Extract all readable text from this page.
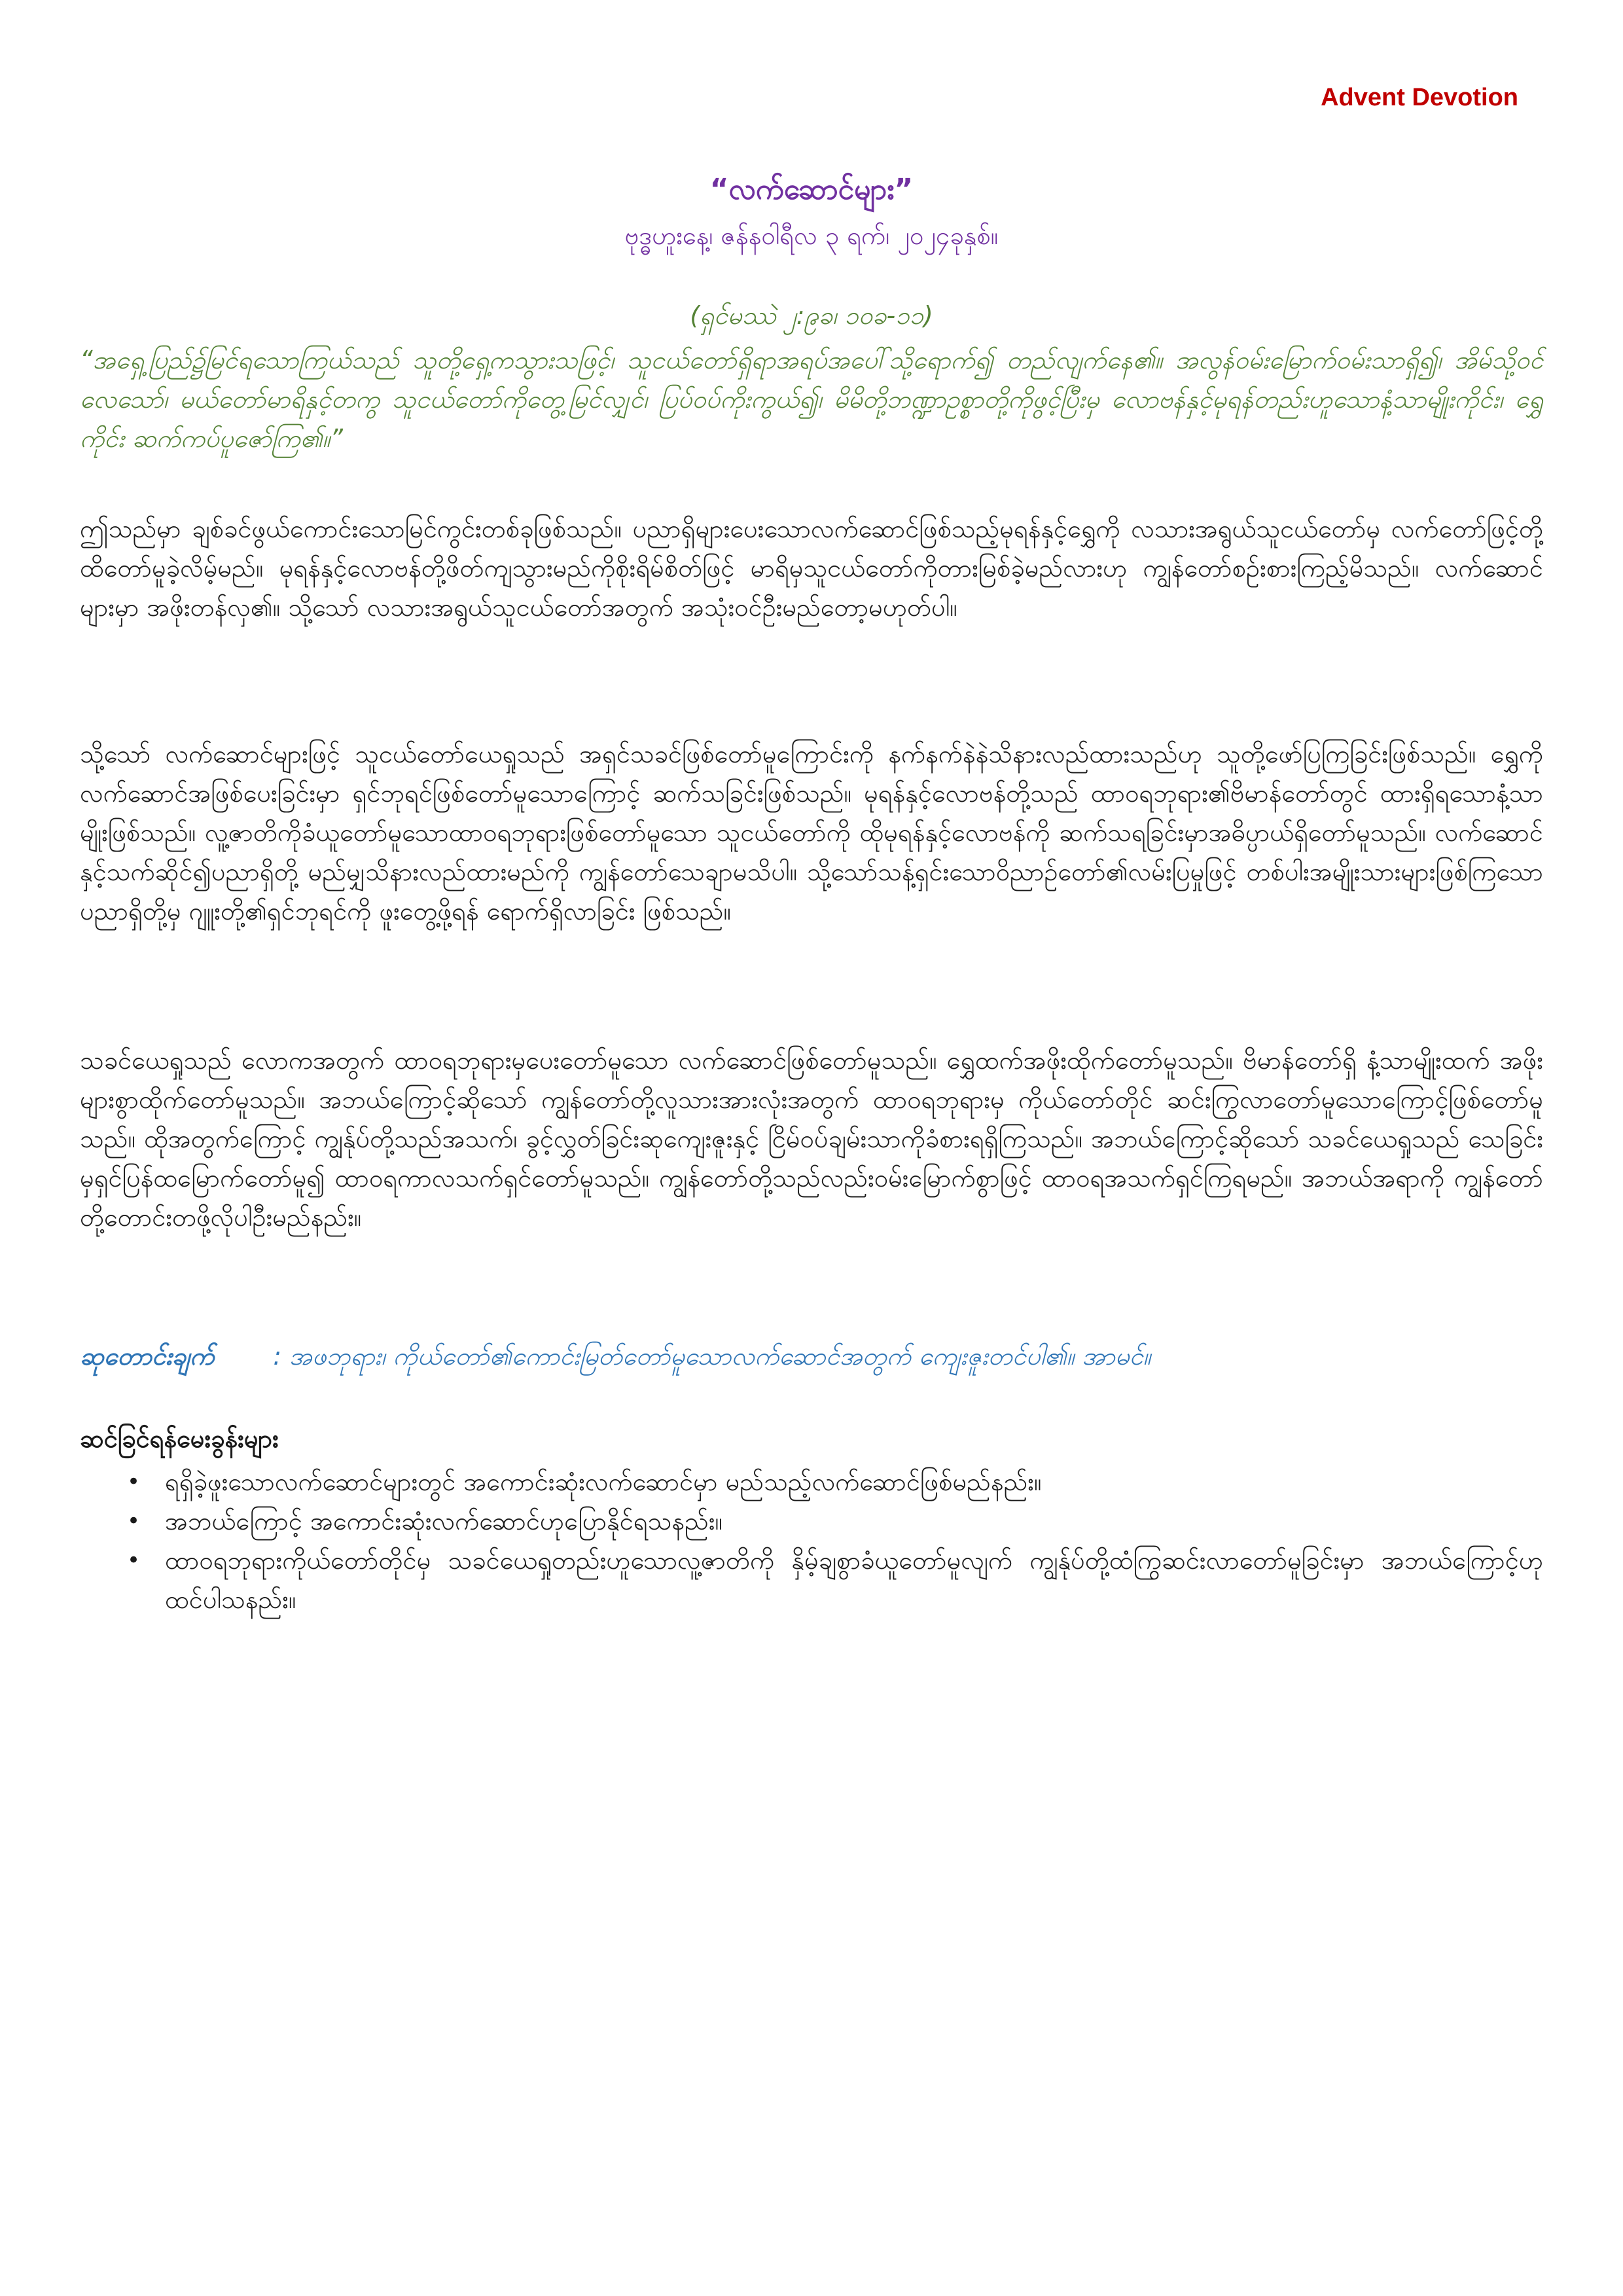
Advent Devotion
“လက်ဆောင်များ”
ဗုဒ္ဓဟူးနေ့၊ ဇန်နဝါရီလ ၃ ရက်၊ ၂၀၂၄ခုနှစ်။
(ရှင်မဿဲ ၂:၉ခ၊ ၁၀ခ-၁၁)
“အရှေ့ပြည်၌မြင်ရသောကြယ်သည် သူတို့ရှေ့ကသွားသဖြင့်၊ သူငယ်တော်ရှိရာအရပ်အပေါ်သို့ရောက်၍ တည်လျက်နေ၏။ အလွန်ဝမ်းမြောက်ဝမ်းသာရှိ၍၊ အိမ်သို့ဝင်လေသော်၊ မယ်တော်မာရိနှင့်တကွ သူငယ်တော်ကိုတွေ့မြင်လျှင်၊ ပြပ်ဝပ်ကိုးကွယ်၍၊ မိမိတို့ဘဏ္ဍာဥစ္စာတို့ကိုဖွင့်ပြီးမှ လောဗန်နှင့်မုရန်တည်းဟူသောနံ့သာမျိုးကိုင်း၊ ရွှေကိုင်း ဆက်ကပ်ပူဇော်ကြ၏။”
ဤသည်မှာ ချစ်ခင်ဖွယ်ကောင်းသောမြင်ကွင်းတစ်ခုဖြစ်သည်။ ပညာရှိများပေးသောလက်ဆောင်ဖြစ်သည့်မုရန်နှင့်ရွှေကို လသားအရွယ်သူငယ်တော်မှ လက်တော်ဖြင့်တို့ထိတော်မူခဲ့လိမ့်မည်။ မုရန်နှင့်လောဗန်တို့ဖိတ်ကျသွားမည်ကိုစိုးရိမ်စိတ်ဖြင့် မာရိမှသူငယ်တော်ကိုတားမြစ်ခဲ့မည်လားဟု ကျွန်တော်စဉ်းစားကြည့်မိသည်။ လက်ဆောင်များမှာ အဖိုးတန်လှ၏။ သို့သော် လသားအရွယ်သူငယ်တော်အတွက် အသုံးဝင်ဦးမည်တော့မဟုတ်ပါ။
သို့သော် လက်ဆောင်များဖြင့် သူငယ်တော်ယေရှုသည် အရှင်သခင်ဖြစ်တော်မူကြောင်းကို နက်နက်နဲနဲသိနားလည်ထားသည်ဟု သူတို့ဖော်ပြကြခြင်းဖြစ်သည်။ ရွှေကိုလက်ဆောင်အဖြစ်ပေးခြင်းမှာ ရှင်ဘုရင်ဖြစ်တော်မူသောကြောင့် ဆက်သခြင်းဖြစ်သည်။ မုရန်နှင့်လောဗန်တို့သည် ထာဝရဘုရား၏ဗိမာန်တော်တွင် ထားရှိရသောနံ့သာမျိုးဖြစ်သည်။ လူ့ဇာတိကိုခံယူတော်မူသောထာဝရဘုရားဖြစ်တော်မူသော သူငယ်တော်ကို ထိုမုရန်နှင့်လောဗန်ကို ဆက်သရခြင်းမှာအဓိပ္ပာယ်ရှိတော်မူသည်။ လက်ဆောင်နှင့်သက်ဆိုင်၍ပညာရှိတို့ မည်မျှသိနားလည်ထားမည်ကို ကျွန်တော်သေချာမသိပါ။ သို့သော်သန့်ရှင်းသောဝိညာဉ်တော်၏လမ်းပြမှုဖြင့် တစ်ပါးအမျိုးသားများဖြစ်ကြသောပညာရှိတို့မှ ဂျူးတို့၏ရှင်ဘုရင်ကို ဖူးတွေ့ဖို့ရန် ရောက်ရှိလာခြင်း ဖြစ်သည်။
သခင်ယေရှုသည် လောကအတွက် ထာဝရဘုရားမှပေးတော်မူသော လက်ဆောင်ဖြစ်တော်မူသည်။ ရွှေထက်အဖိုးထိုက်တော်မူသည်။ ဗိမာန်တော်ရှိ နံ့သာမျိုးထက် အဖိုးများစွာထိုက်တော်မူသည်။ အဘယ်ကြောင့်ဆိုသော် ကျွန်တော်တို့လူသားအားလုံးအတွက် ထာဝရဘုရားမှ ကိုယ်တော်တိုင် ဆင်းကြွလာတော်မူသောကြောင့်ဖြစ်တော်မူသည်။ ထိုအတွက်ကြောင့် ကျွန်ုပ်တို့သည်အသက်၊ ခွင့်လွှတ်ခြင်းဆုကျေးဇူးနှင့် ငြိမ်ဝပ်ချမ်းသာကိုခံစားရရှိကြသည်။ အဘယ်ကြောင့်ဆိုသော် သခင်ယေရှုသည် သေခြင်းမှရှင်ပြန်ထမြောက်တော်မူ၍ ထာဝရကာလသက်ရှင်တော်မူသည်။ ကျွန်တော်တို့သည်လည်းဝမ်းမြောက်စွာဖြင့် ထာဝရအသက်ရှင်ကြရမည်။ အဘယ်အရာကို ကျွန်တော်တို့တောင်းတဖို့လိုပါဦးမည်နည်း။
ဆုတောင်းချက် : အဖဘုရား၊ ကိုယ်တော်၏ကောင်းမြတ်တော်မူသောလက်ဆောင်အတွက် ကျေးဇူးတင်ပါ၏။ အာမင်။
ဆင်ခြင်ရန်မေးခွန်းများ
• ရရှိခဲ့ဖူးသောလက်ဆောင်များတွင် အကောင်းဆုံးလက်ဆောင်မှာ မည်သည့်လက်ဆောင်ဖြစ်မည်နည်း။
• အဘယ်ကြောင့် အကောင်းဆုံးလက်ဆောင်ဟုပြောနိုင်ရသနည်း။
• ထာဝရဘုရားကိုယ်တော်တိုင်မှ သခင်ယေရှုတည်းဟူသောလူ့ဇာတိကို နှိမ့်ချစွာခံယူတော်မူလျက် ကျွန်ုပ်တို့ထံကြွဆင်းလာတော်မူခြင်းမှာ အဘယ်ကြောင့်ဟုထင်ပါသနည်း။
